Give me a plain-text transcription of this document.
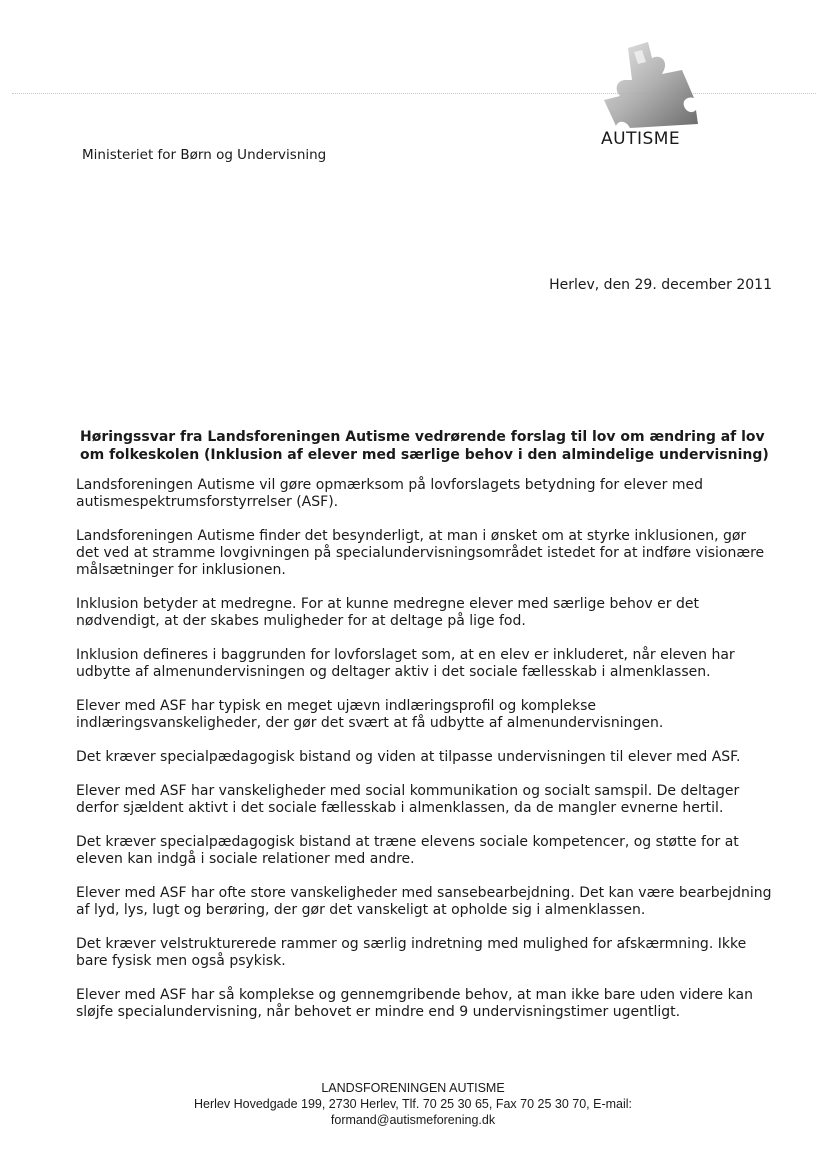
AUTISME
Ministeriet for Børn og Undervisning
Herlev, den 29. december 2011
Høringssvar fra Landsforeningen Autisme vedrørende forslag til lov om ændring af lov om folkeskolen (Inklusion af elever med særlige behov i den almindelige undervisning)
Landsforeningen Autisme vil gøre opmærksom på lovforslagets betydning for elever med autismespektrumsforstyrrelser (ASF).
Landsforeningen Autisme finder det besynderligt, at man i ønsket om at styrke inklusionen, gør det ved at stramme lovgivningen på specialundervisningsområdet istedet for at indføre visionære målsætninger for inklusionen.
Inklusion betyder at medregne. For at kunne medregne elever med særlige behov er det nødvendigt, at der skabes muligheder for at deltage på lige fod.
Inklusion defineres i baggrunden for lovforslaget som, at en elev er inkluderet, når eleven har udbytte af almenundervisningen og deltager aktiv i det sociale fællesskab i almenklassen.
Elever med ASF har typisk en meget ujævn indlæringsprofil og komplekse indlæringsvanskeligheder, der gør det svært at få udbytte af almenundervisningen.
Det kræver specialpædagogisk bistand og viden at tilpasse undervisningen til elever med ASF.
Elever med ASF har vanskeligheder med social kommunikation og socialt samspil. De deltager derfor sjældent aktivt i det sociale fællesskab i almenklassen, da de mangler evnerne hertil.
Det kræver specialpædagogisk bistand at træne elevens sociale kompetencer, og støtte for at eleven kan indgå i sociale relationer med andre.
Elever med ASF har ofte store vanskeligheder med sansebearbejdning. Det kan være bearbejdning af lyd, lys, lugt og berøring, der gør det vanskeligt at opholde sig i almenklassen.
Det kræver velstrukturerede rammer og særlig indretning med mulighed for afskærmning. Ikke bare fysisk men også psykisk.
Elever med ASF har så komplekse og gennemgribende behov, at man ikke bare uden videre kan sløjfe specialundervisning, når behovet er mindre end 9 undervisningstimer ugentligt.
LANDSFORENINGEN AUTISME
Herlev Hovedgade 199, 2730 Herlev, Tlf. 70 25 30 65, Fax 70 25 30 70, E-mail:
formand@autismeforening.dk
